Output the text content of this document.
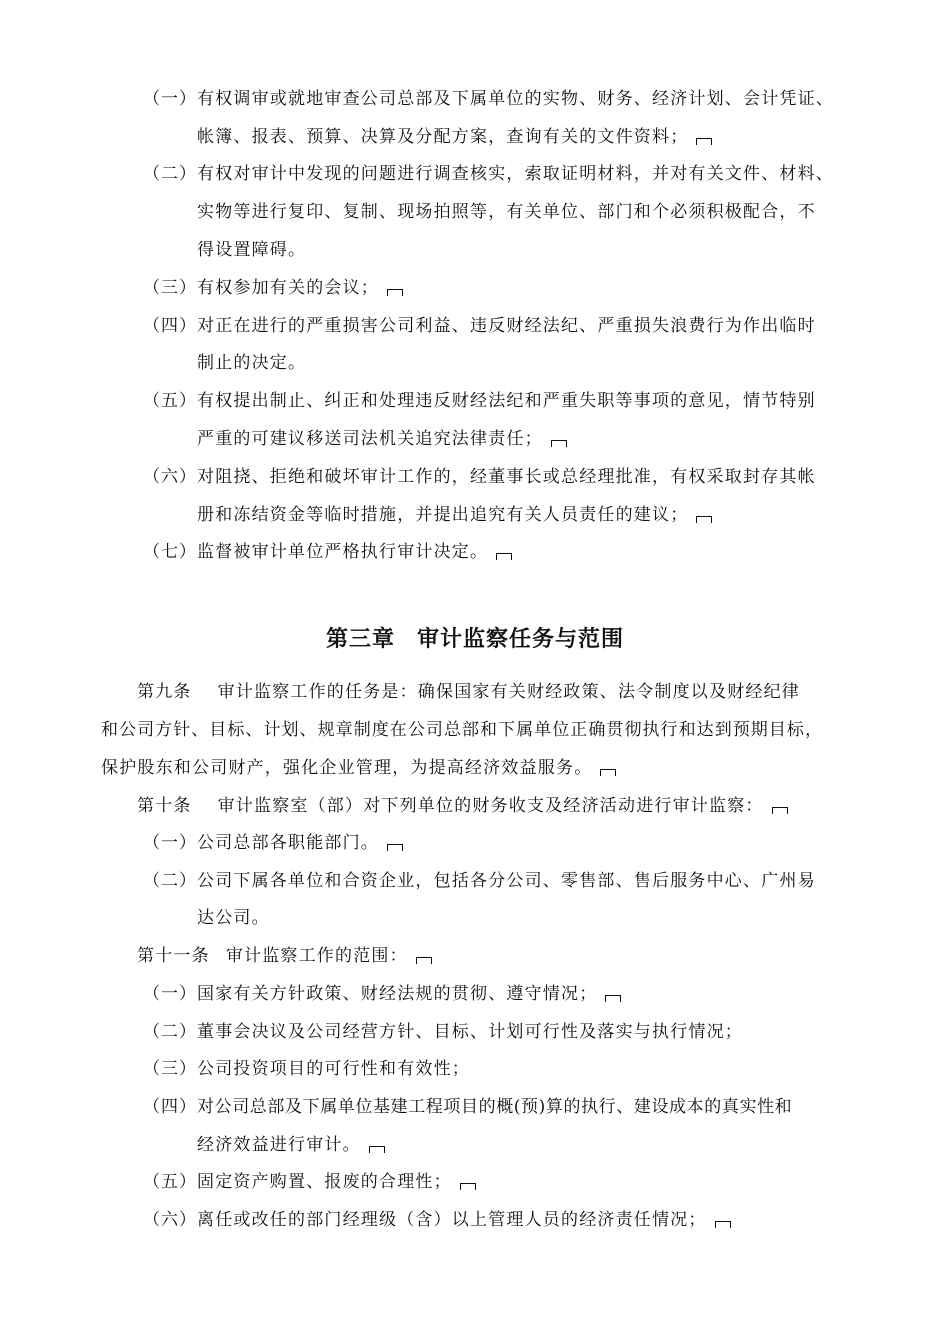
（一） 有权调审或就地审查公司总部及下属单位的实物、财务、经济计划、会计凭证、
帐簿、报表、预算、决算及分配方案，查询有关的文件资料；
（二） 有权对审计中发现的问题进行调查核实，索取证明材料，并对有关文件、材料、
实物等进行复印、复制、现场拍照等，有关单位、部门和个必须积极配合，不
得设置障碍。
（三） 有权参加有关的会议；
（四） 对正在进行的严重损害公司利益、违反财经法纪、严重损失浪费行为作出临时
制止的决定。
（五） 有权提出制止、纠正和处理违反财经法纪和严重失职等事项的意见，情节特别
严重的可建议移送司法机关追究法律责任；
（六） 对阻挠、拒绝和破坏审计工作的，经董事长或总经理批准，有权采取封存其帐
册和冻结资金等临时措施，并提出追究有关人员责任的建议；
（七） 监督被审计单位严格执行审计决定。
第三章 审计监察任务与范围
第九条 审计监察工作的任务是：确保国家有关财经政策、法令制度以及财经纪律
和公司方针、目标、计划、规章制度在公司总部和下属单位正确贯彻执行和达到预期目标，
保护股东和公司财产，强化企业管理，为提高经济效益服务。
第十条 审计监察室（部）对下列单位的财务收支及经济活动进行审计监察：
（一） 公司总部各职能部门。
（二） 公司下属各单位和合资企业，包括各分公司、零售部、售后服务中心、广州易
达公司。
第十一条 审计监察工作的范围：
（一） 国家有关方针政策、财经法规的贯彻、遵守情况；
（二） 董事会决议及公司经营方针、目标、计划可行性及落实与执行情况；
（三） 公司投资项目的可行性和有效性；
（四） 对公司总部及下属单位基建工程项目的概(预)算的执行、建设成本的真实性和
经济效益进行审计。
（五） 固定资产购置、报废的合理性；
（六） 离任或改任的部门经理级（含）以上管理人员的经济责任情况；
